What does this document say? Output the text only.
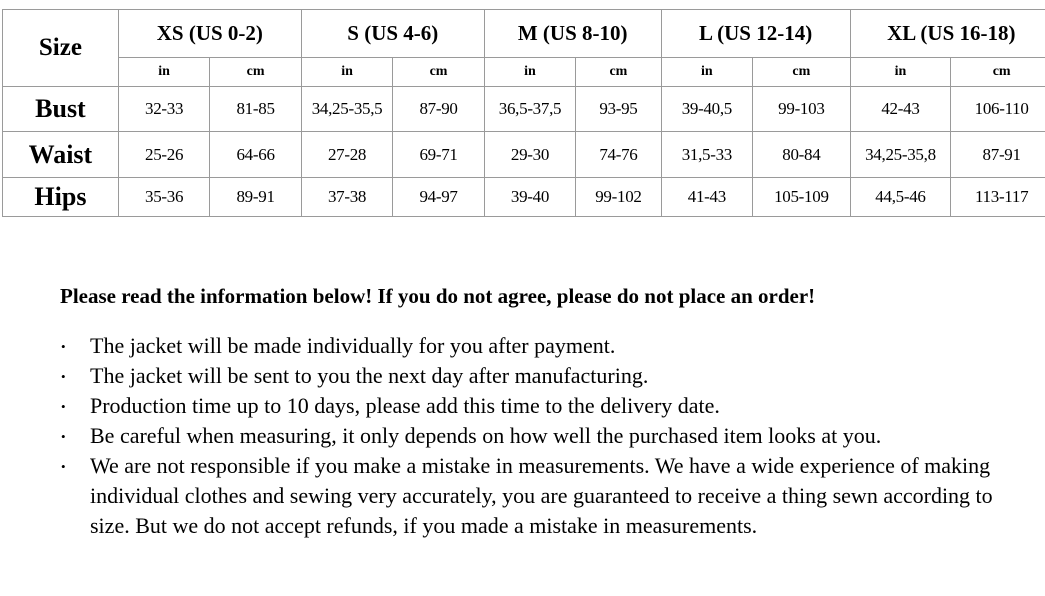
Size	XS (US 0-2)		S (US 4-6)		M (US 8-10)		L (US 12-14)		XL (US 16-18)	
	in	cm	in	cm	in	cm	in	cm	in	cm
Bust	32-33	81-85	34,25-35,5	87-90	36,5-37,5	93-95	39-40,5	99-103	42-43	106-110
Waist	25-26	64-66	27-28	69-71	29-30	74-76	31,5-33	80-84	34,25-35,8	87-91
Hips	35-36	89-91	37-38	94-97	39-40	99-102	41-43	105-109	44,5-46	113-117
Please read the information below! If you do not agree, please do not place an order!
• The jacket will be made individually for you after payment.
• The jacket will be sent to you the next day after manufacturing.
• Production time up to 10 days, please add this time to the delivery date.
• Be careful when measuring, it only depends on how well the purchased item looks at you.
• We are not responsible if you make a mistake in measurements. We have a wide experience of making individual clothes and sewing very accurately, you are guaranteed to receive a thing sewn according to size. But we do not accept refunds, if you made a mistake in measurements.
